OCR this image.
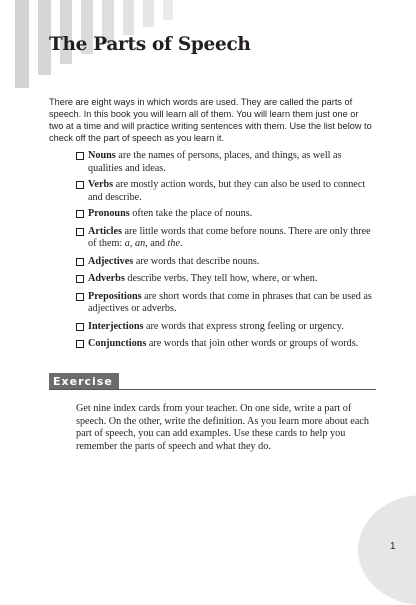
The Parts of Speech

There are eight ways in which words are used. They are called the parts of speech. In this book you will learn all of them. You will learn them just one or two at a time and will practice writing sentences with them. Use the list below to check off the part of speech as you learn it.

Nouns are the names of persons, places, and things, as well as qualities and ideas.
Verbs are mostly action words, but they can also be used to connect and describe.
Pronouns often take the place of nouns.
Articles are little words that come before nouns. There are only three of them: a, an, and the.
Adjectives are words that describe nouns.
Adverbs describe verbs. They tell how, where, or when.
Prepositions are short words that come in phrases that can be used as adjectives or adverbs.
Interjections are words that express strong feeling or urgency.
Conjunctions are words that join other words or groups of words.
Exercise

Get nine index cards from your teacher. On one side, write a part of speech. On the other, write the definition. As you learn more about each part of speech, you can add examples. Use these cards to help you remember the parts of speech and what they do.

1
